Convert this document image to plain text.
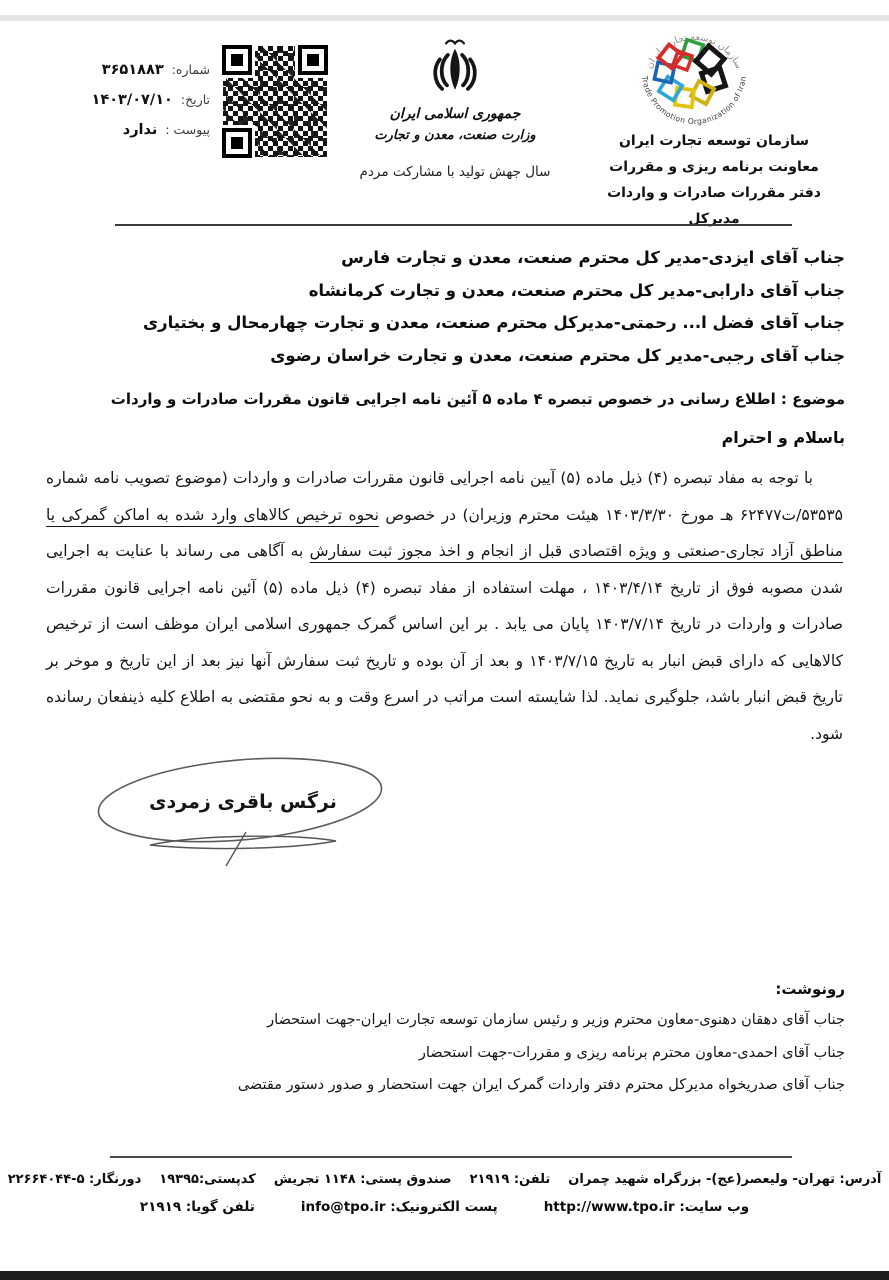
شماره:
۳۶۵۱۸۸۳
تاریخ:
۱۴۰۳/۰۷/۱۰
پیوست :
ندارد
جمهوری اسلامی ایران
وزارت صنعت، معدن و تجارت
سال جهش تولید با مشارکت مردم
سازمان توسعه تجارت ایران
Trade Promotion Organization of Iran
سازمان توسعه تجارت ایران
معاونت برنامه ریزی و مقررات
دفتر مقررات صادرات و واردات
مدیرکل
جناب آقای ایزدی-مدیر کل محترم صنعت، معدن و تجارت فارس
جناب آقای دارابی-مدیر کل محترم صنعت، معدن و تجارت کرمانشاه
جناب آقای فضل ا... رحمتی-مدیرکل محترم صنعت، معدن و تجارت چهارمحال و بختیاری
جناب آقای رجبی-مدیر کل محترم صنعت، معدن و تجارت خراسان رضوی
موضوع : اطلاع رسانی در خصوص تبصره ۴ ماده ۵ آئین نامه اجرایی قانون مقررات صادرات و واردات
باسلام و احترام
با توجه به مفاد تبصره (۴) ذیل ماده (۵) آیین نامه اجرایی قانون مقررات صادرات و واردات (موضوع تصویب نامه شماره ۵۳۵۳۵/ت۶۲۴۷۷ هـ مورخ ۱۴۰۳/۳/۳۰ هیئت محترم وزیران) در خصوص نحوه ترخیص کالاهای وارد شده به اماکن گمرکی یا مناطق آزاد تجاری-صنعتی و ویژه اقتصادی قبل از انجام و اخذ مجوز ثبت سفارش به آگاهی می رساند با عنایت به اجرایی شدن مصوبه فوق از تاریخ ۱۴۰۳/۴/۱۴ ، مهلت استفاده از مفاد تبصره (۴) ذیل ماده (۵) آئین نامه اجرایی قانون مقررات صادرات و واردات در تاریخ ۱۴۰۳/۷/۱۴ پایان می یابد . بر این اساس گمرک جمهوری اسلامی ایران موظف است از ترخیص کالاهایی که دارای قبض انبار به تاریخ ۱۴۰۳/۷/۱۵ و بعد از آن بوده و تاریخ ثبت سفارش آنها نیز بعد از این تاریخ و موخر بر تاریخ قبض انبار باشد، جلوگیری نماید. لذا شایسته است مراتب در اسرع وقت و به نحو مقتضی به اطلاع کلیه ذینفعان رسانده شود.
نرگس باقری زمردی
رونوشت:
جناب آقای دهقان دهنوی-معاون محترم وزیر و رئیس سازمان توسعه تجارت ایران-جهت استحضار
جناب آقای احمدی-معاون محترم برنامه ریزی و مقررات-جهت استحضار
جناب آقای صدریخواه مدیرکل محترم دفتر واردات گمرک ایران جهت استحضار و صدور دستور مقتضی
آدرس: تهران- ولیعصر(عج)- بزرگراه شهید چمران
تلفن: ۲۱۹۱۹
صندوق پستی: ۱۱۴۸ تجریش
کدپستی:۱۹۳۹۵
دورنگار: ۵-۲۲۶۶۴۰۴۴
وب سایت: http://www.tpo.ir
پست الکترونیک: info@tpo.ir
تلفن گویا: ۲۱۹۱۹
